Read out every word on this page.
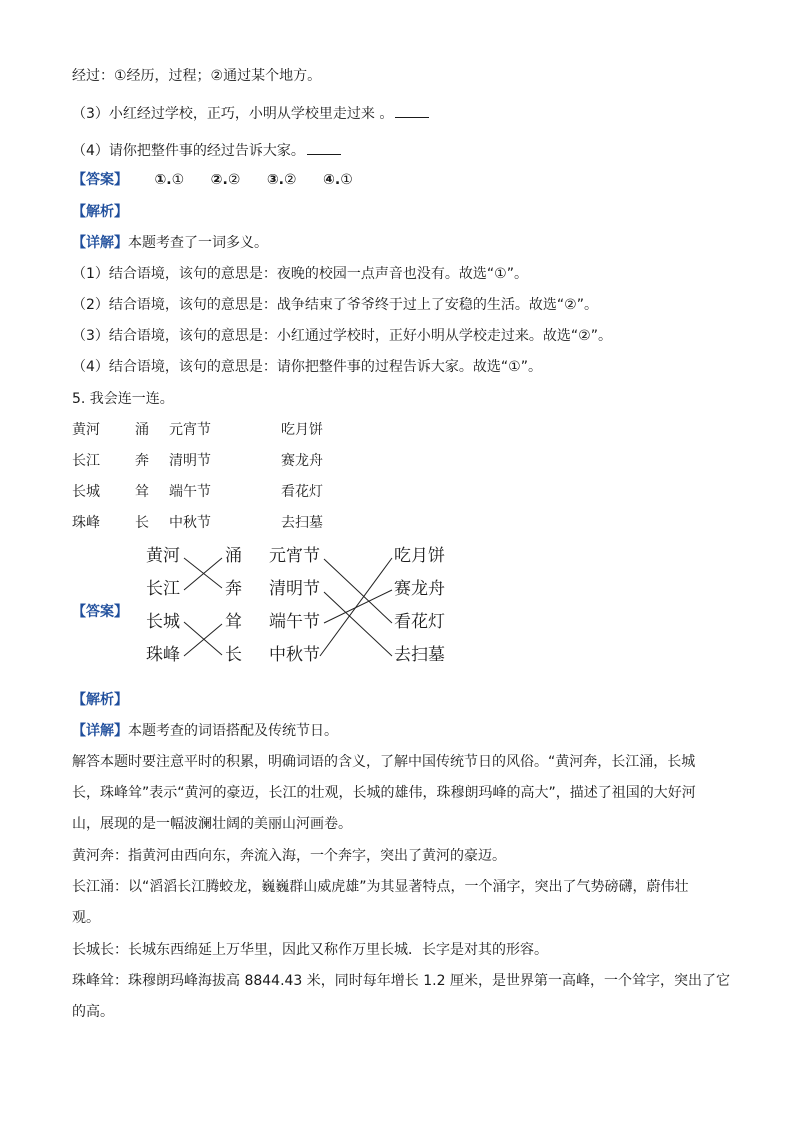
经过：①经历，过程；②通过某个地方。
（3）小红经过学校，正巧，小明从学校里走过来 。
（4）请你把整件事的经过告诉大家。
【答案】 ①.① ②.② ③.② ④.①
【解析】
【详解】本题考查了一词多义。
（1）结合语境，该句的意思是：夜晚的校园一点声音也没有。故选“①”。
（2）结合语境，该句的意思是：战争结束了爷爷终于过上了安稳的生活。故选“②”。
（3）结合语境，该句的意思是：小红通过学校时，正好小明从学校走过来。故选“②”。
（4）结合语境，该句的意思是：请你把整件事的过程告诉大家。故选“①”。
5. 我会连一连。
黄河	涌 元宵节	吃月饼
长江	奔 清明节	赛龙舟
长城	耸 端午节	看花灯
珠峰	长 中秋节	去扫墓
【答案】
黄河
长江
长城
珠峰
涌
奔
耸
长
元宵节
清明节
端午节
中秋节
吃月饼
赛龙舟
看花灯
去扫墓
【解析】
【详解】本题考查的词语搭配及传统节日。
解答本题时要注意平时的积累，明确词语的含义，了解中国传统节日的风俗。“黄河奔，长江涌，长城
长，珠峰耸”表示“黄河的豪迈，长江的壮观，长城的雄伟，珠穆朗玛峰的高大”，描述了祖国的大好河
山，展现的是一幅波澜壮阔的美丽山河画卷。
黄河奔：指黄河由西向东，奔流入海，一个奔字，突出了黄河的豪迈。
长江涌：以“滔滔长江腾蛟龙，巍巍群山威虎雄”为其显著特点，一个涌字，突出了气势磅礴，蔚伟壮
观。
长城长：长城东西绵延上万华里，因此又称作万里长城．长字是对其的形容。
珠峰耸：珠穆朗玛峰海拔高 8844.43 米，同时每年增长 1.2 厘米，是世界第一高峰，一个耸字，突出了它
的高。
